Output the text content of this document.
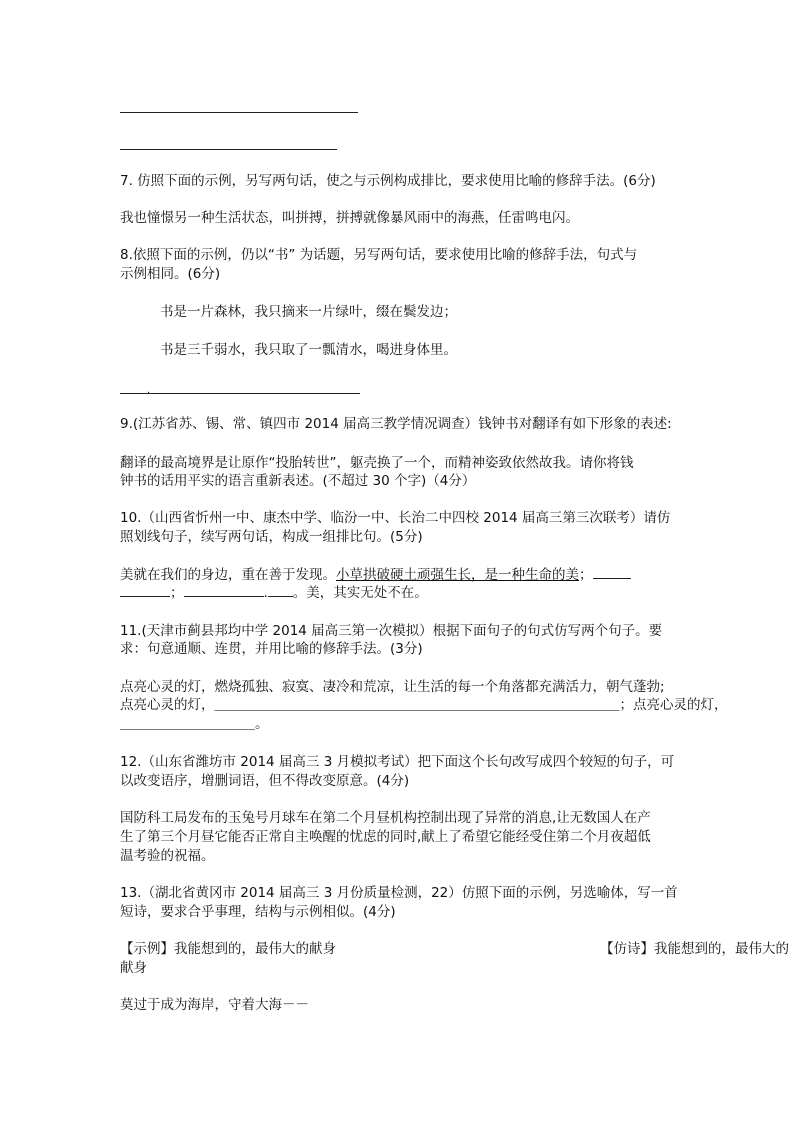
7. 仿照下面的示例，另写两句话，使之与示例构成排比，要求使用比喻的修辞手法。(6分)
我也憧憬另一种生活状态，叫拼搏，拼搏就像暴风雨中的海燕，任雷鸣电闪。
8.依照下面的示例，仍以“书” 为话题，另写两句话，要求使用比喻的修辞手法，句式与
示例相同。(6分)
书是一片森林，我只摘来一片绿叶，缀在鬓发边；
书是三千弱水，我只取了一瓢清水，喝进身体里。
.
9.(江苏省苏、锡、常、镇四市 2014 届高三教学情况调查）钱钟书对翻译有如下形象的表述:
翻译的最高境界是让原作“投胎转世”，躯壳换了一个，而精神姿致依然故我。请你将钱
钟书的话用平实的语言重新表述。(不超过 30 个字)（4分）
10.（山西省忻州一中、康杰中学、临汾一中、长治二中四校 2014 届高三第三次联考）请仿
照划线句子，续写两句话，构成一组排比句。(5分)
美就在我们的身边，重在善于发现。小草拱破硬土顽强生长，是一种生命的美；
；	. 。美，其实无处不在。
11.(天津市蓟县邦均中学 2014 届高三第一次模拟）根据下面句子的句式仿写两个句子。要
求：句意通顺、连贯，并用比喻的修辞手法。(3分)
点亮心灵的灯，燃烧孤独、寂寞、凄冷和荒凉，让生活的每一个角落都充满活力，朝气蓬勃;
点亮心灵的灯，＿＿＿＿＿＿＿＿＿＿＿＿＿＿＿＿＿＿＿＿＿＿＿＿＿＿＿＿＿＿；点亮心灵的灯，
＿＿＿＿＿＿＿＿＿＿。
12.（山东省潍坊市 2014 届高三 3 月模拟考试）把下面这个长句改写成四个较短的句子，可
以改变语序，增删词语，但不得改变原意。(4分)
国防科工局发布的玉兔号月球车在第二个月昼机构控制出现了异常的消息,让无数国人在产
生了第三个月昼它能否正常自主唤醒的忧虑的同时,献上了希望它能经受住第二个月夜超低
温考验的祝福。
13.（湖北省黄冈市 2014 届高三 3 月份质量检测，22）仿照下面的示例，另选喻体，写一首
短诗，要求合乎事理，结构与示例相似。(4分)
【示例】我能想到的，最伟大的献身	【仿诗】我能想到的，最伟大的
献身
莫过于成为海岸，守着大海－－
